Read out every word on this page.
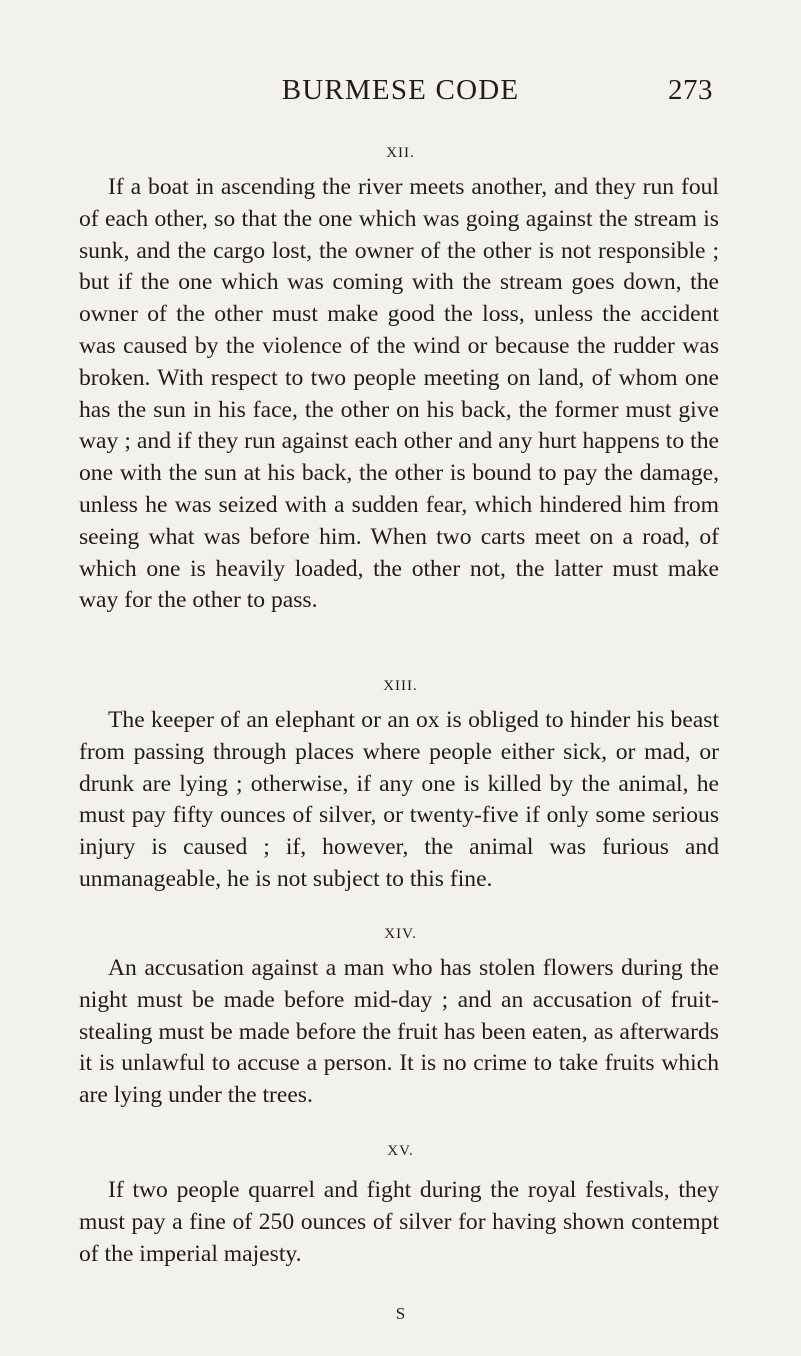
BURMESE CODE	273
XII.

If a boat in ascending the river meets another, and they run foul of each other, so that the one which was going against the stream is sunk, and the cargo lost, the owner of the other is not responsible ; but if the one which was coming with the stream goes down, the owner of the other must make good the loss, unless the accident was caused by the violence of the wind or because the rudder was broken. With respect to two people meeting on land, of whom one has the sun in his face, the other on his back, the former must give way ; and if they run against each other and any hurt happens to the one with the sun at his back, the other is bound to pay the damage, unless he was seized with a sudden fear, which hindered him from seeing what was before him. When two carts meet on a road, of which one is heavily loaded, the other not, the latter must make way for the other to pass.

XIII.

The keeper of an elephant or an ox is obliged to hinder his beast from passing through places where people either sick, or mad, or drunk are lying ; otherwise, if any one is killed by the animal, he must pay fifty ounces of silver, or twenty-five if only some serious injury is caused ; if, however, the animal was furious and unmanageable, he is not subject to this fine.

XIV.

An accusation against a man who has stolen flowers during the night must be made before mid-day ; and an accusation of fruit-stealing must be made before the fruit has been eaten, as afterwards it is unlawful to accuse a person. It is no crime to take fruits which are lying under the trees.

XV.

If two people quarrel and fight during the royal festivals, they must pay a fine of 250 ounces of silver for having shown contempt of the imperial majesty.

S
